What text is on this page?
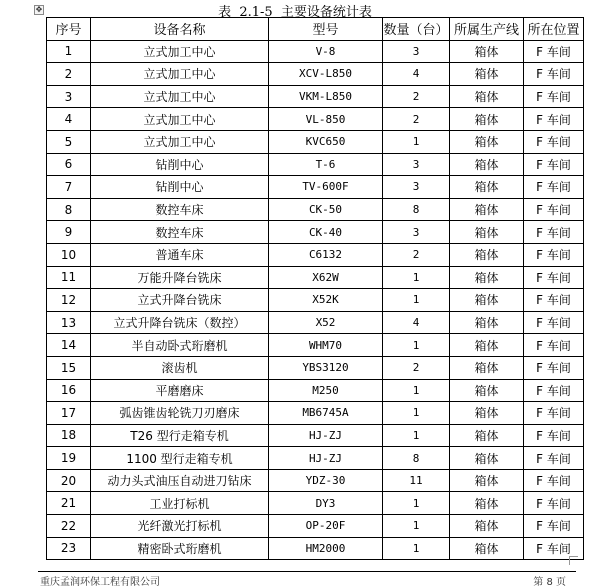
✥	表  2.1-5  主要设备统计表
序号	设备名称	型号	数量（台）	所属生产线	所在位置
1	立式加工中心	V-8	3	箱体	F 车间
2	立式加工中心	XCV-L850	4	箱体	F 车间
3	立式加工中心	VKM-L850	2	箱体	F 车间
4	立式加工中心	VL-850	2	箱体	F 车间
5	立式加工中心	KVC650	1	箱体	F 车间
6	钻削中心	T-6	3	箱体	F 车间
7	钻削中心	TV-600F	3	箱体	F 车间
8	数控车床	CK-50	8	箱体	F 车间
9	数控车床	CK-40	3	箱体	F 车间
10	普通车床	C6132	2	箱体	F 车间
11	万能升降台铣床	X62W	1	箱体	F 车间
12	立式升降台铣床	X52K	1	箱体	F 车间
13	立式升降台铣床（数控）	X52	4	箱体	F 车间
14	半自动卧式珩磨机	WHM70	1	箱体	F 车间
15	滚齿机	YBS3120	2	箱体	F 车间
16	平磨磨床	M250	1	箱体	F 车间
17	弧齿锥齿轮铣刀刃磨床	MB6745A	1	箱体	F 车间
18	T26 型行走箱专机	HJ-ZJ	1	箱体	F 车间
19	1100 型行走箱专机	HJ-ZJ	8	箱体	F 车间
20	动力头式油压自动进刀钻床	YDZ-30	11	箱体	F 车间
21	工业打标机	DY3	1	箱体	F 车间
22	光纤激光打标机	OP-20F	1	箱体	F 车间
23	精密卧式珩磨机	HM2000	1	箱体	F 车间
重庆孟润环保工程有限公司	第 8 页
